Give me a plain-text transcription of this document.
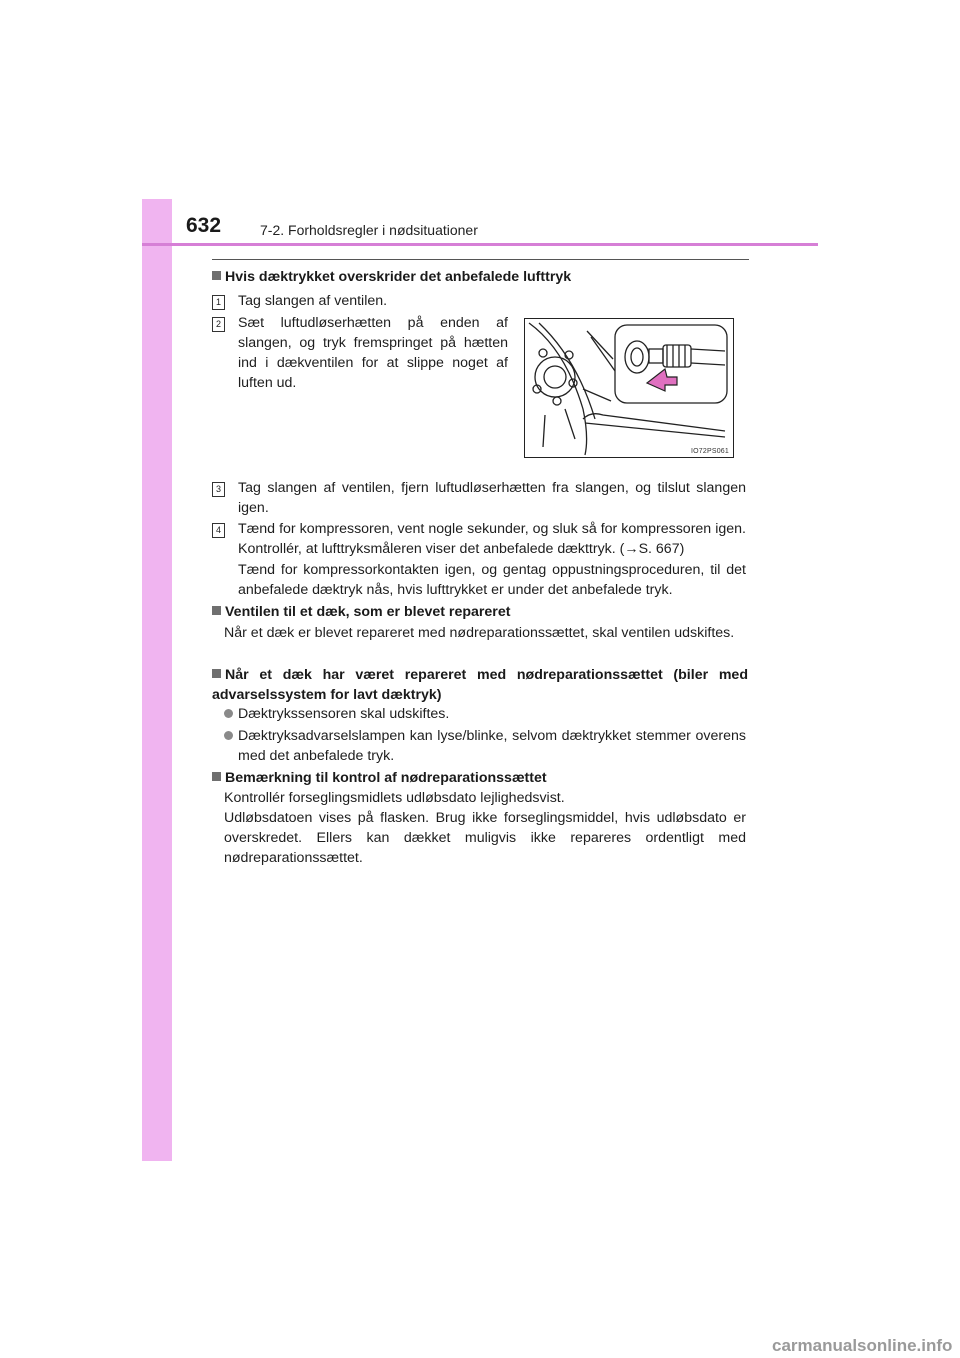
632	7-2. Forholdsregler i nødsituationer
Hvis dæktrykket overskrider det anbefalede lufttryk
1 Tag slangen af ventilen.
2 Sæt luftudløserhætten på enden af slangen, og tryk fremspringet på hætten ind i dækventilen for at slippe noget af luften ud.
IO72PS061
3 Tag slangen af ventilen, fjern luftudløserhætten fra slangen, og tilslut slangen igen.
4 Tænd for kompressoren, vent nogle sekunder, og sluk så for kompressoren igen. Kontrollér, at lufttryksmåleren viser det anbefalede dækttryk. (→S. 667)
Tænd for kompressorkontakten igen, og gentag oppustningsproceduren, til det anbefalede dæktryk nås, hvis lufttrykket er under det anbefalede tryk.
Ventilen til et dæk, som er blevet repareret
Når et dæk er blevet repareret med nødreparationssættet, skal ventilen udskiftes.
Når et dæk har været repareret med nødreparationssættet (biler med advarselssystem for lavt dæktryk)
Dæktrykssensoren skal udskiftes.
Dæktryksadvarselslampen kan lyse/blinke, selvom dæktrykket stemmer overens med det anbefalede tryk.
Bemærkning til kontrol af nødreparationssættet
Kontrollér forseglingsmidlets udløbsdato lejlighedsvist.
Udløbsdatoen vises på flasken. Brug ikke forseglingsmiddel, hvis udløbsdato er overskredet. Ellers kan dækket muligvis ikke repareres ordentligt med nødreparationssættet.
carmanualsonline.info
